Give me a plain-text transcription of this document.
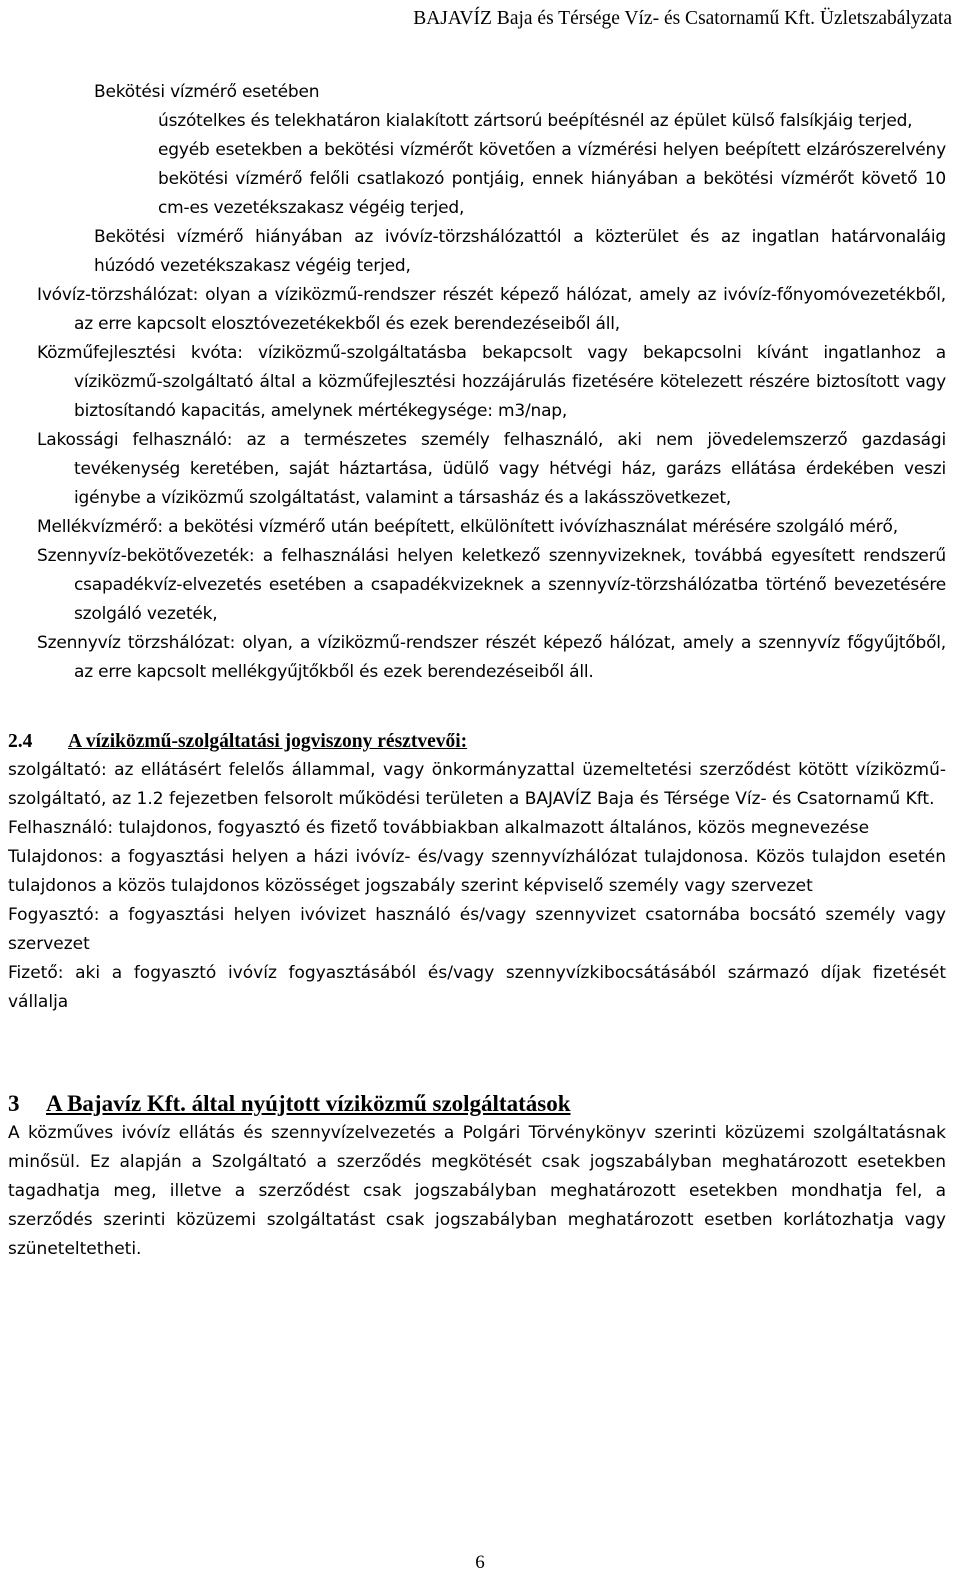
BAJAVÍZ Baja és Térsége Víz- és Csatornamű Kft. Üzletszabályzata
Bekötési vízmérő esetében
úszótelkes és telekhatáron kialakított zártsorú beépítésnél az épület külső falsíkjáig terjed,
egyéb esetekben a bekötési vízmérőt követően a vízmérési helyen beépített elzárószerelvény bekötési vízmérő felőli csatlakozó pontjáig, ennek hiányában a bekötési vízmérőt követő 10 cm-es vezetékszakasz végéig terjed,
Bekötési vízmérő hiányában az ivóvíz-törzshálózattól a közterület és az ingatlan határvonaláig húzódó vezetékszakasz végéig terjed,
Ivóvíz-törzshálózat: olyan a víziközmű-rendszer részét képező hálózat, amely az ivóvíz-főnyomóvezetékből, az erre kapcsolt elosztóvezetékekből és ezek berendezéseiből áll,
Közműfejlesztési kvóta: víziközmű-szolgáltatásba bekapcsolt vagy bekapcsolni kívánt ingatlanhoz a víziközmű-szolgáltató által a közműfejlesztési hozzájárulás fizetésére kötelezett részére biztosított vagy biztosítandó kapacitás, amelynek mértékegysége: m3/nap,
Lakossági felhasználó: az a természetes személy felhasználó, aki nem jövedelemszerző gazdasági tevékenység keretében, saját háztartása, üdülő vagy hétvégi ház, garázs ellátása érdekében veszi igénybe a víziközmű szolgáltatást, valamint a társasház és a lakásszövetkezet,
Mellékvízmérő: a bekötési vízmérő után beépített, elkülönített ivóvízhasználat mérésére szolgáló mérő,
Szennyvíz-bekötővezeték: a felhasználási helyen keletkező szennyvizeknek, továbbá egyesített rendszerű csapadékvíz-elvezetés esetében a csapadékvizeknek a szennyvíz-törzshálózatba történő bevezetésére szolgáló vezeték,
Szennyvíz törzshálózat: olyan, a víziközmű-rendszer részét képező hálózat, amely a szennyvíz főgyűjtőből, az erre kapcsolt mellékgyűjtőkből és ezek berendezéseiből áll.
2.4 A víziközmű-szolgáltatási jogviszony résztvevői:
szolgáltató: az ellátásért felelős állammal, vagy önkormányzattal üzemeltetési szerződést kötött víziközmű-szolgáltató, az 1.2 fejezetben felsorolt működési területen a BAJAVÍZ Baja és Térsége Víz- és Csatornamű Kft.
Felhasználó: tulajdonos, fogyasztó és fizető továbbiakban alkalmazott általános, közös megnevezése
Tulajdonos: a fogyasztási helyen a házi ivóvíz- és/vagy szennyvízhálózat tulajdonosa. Közös tulajdon esetén tulajdonos a közös tulajdonos közösséget jogszabály szerint képviselő személy vagy szervezet
Fogyasztó: a fogyasztási helyen ivóvizet használó és/vagy szennyvizet csatornába bocsátó személy vagy szervezet
Fizető: aki a fogyasztó ivóvíz fogyasztásából és/vagy szennyvízkibocsátásából származó díjak fizetését vállalja
3 A Bajavíz Kft. által nyújtott víziközmű szolgáltatások
A közműves ivóvíz ellátás és szennyvízelvezetés a Polgári Törvénykönyv szerinti közüzemi szolgáltatásnak minősül. Ez alapján a Szolgáltató a szerződés megkötését csak jogszabályban meghatározott esetekben tagadhatja meg, illetve a szerződést csak jogszabályban meghatározott esetekben mondhatja fel, a szerződés szerinti közüzemi szolgáltatást csak jogszabályban meghatározott esetben korlátozhatja vagy szüneteltetheti.
6
